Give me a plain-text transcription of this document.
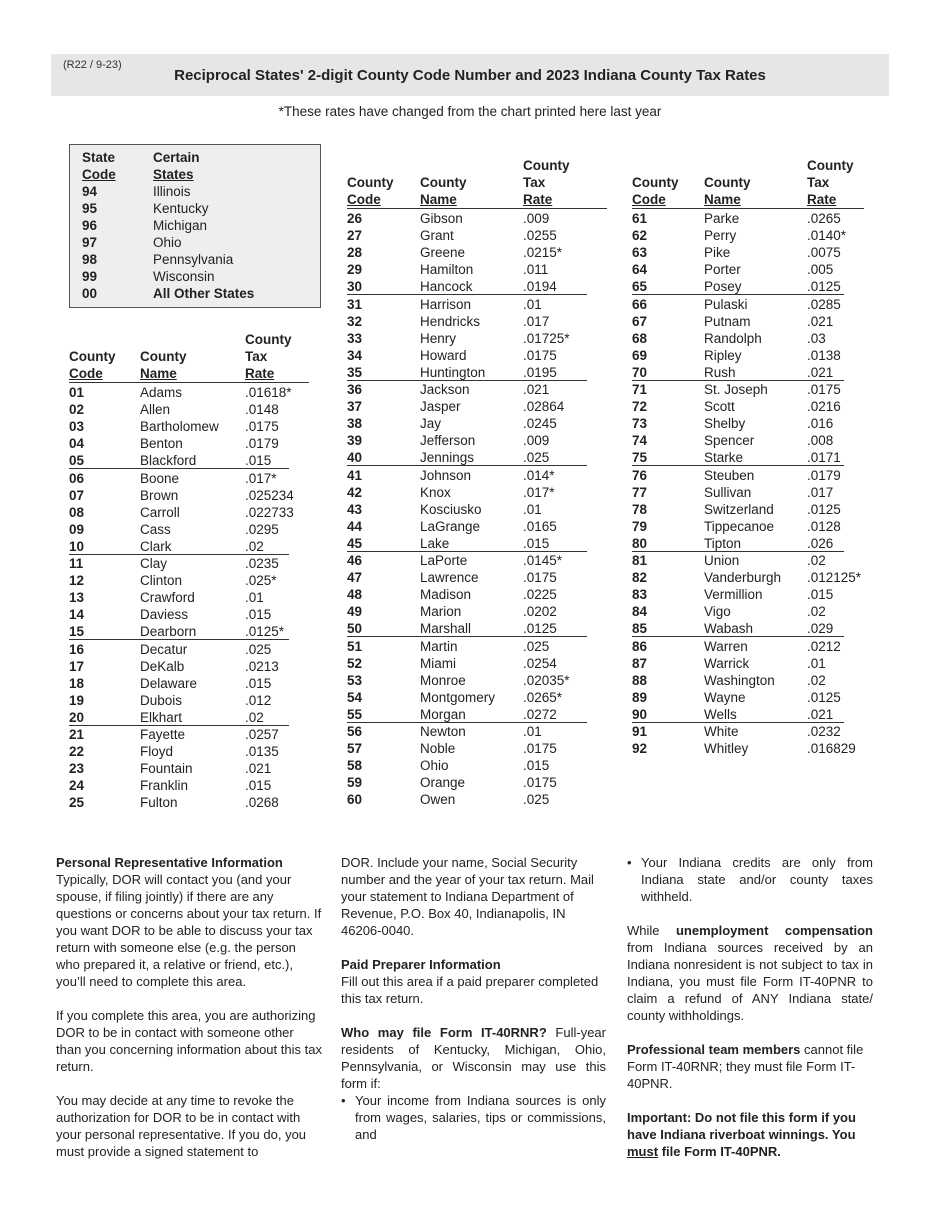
(R22 / 9-23)
Reciprocal States' 2-digit County Code Number and 2023 Indiana County Tax Rates
*These rates have changed from the chart printed here last year
State
Code
Certain
States
94	Illinois
95	Kentucky
96	Michigan
97	Ohio
98	Pennsylvania
99	Wisconsin
00	All Other States
County
Code
County
Name
County
Tax
Rate
01	Adams	.01618*
02	Allen	.0148
03	Bartholomew .0175
04	Benton	.0179
05	Blackford	.015
06	Boone	.017*
07	Brown	.025234
08	Carroll	.022733
09	Cass	.0295
10	Clark	.02
11	Clay	.0235
12	Clinton	.025*
13	Crawford	.01
14	Daviess	.015
15	Dearborn	.0125*
16	Decatur	.025
17	DeKalb	.0213
18	Delaware	.015
19	Dubois	.012
20	Elkhart	.02
21	Fayette	.0257
22	Floyd	.0135
23	Fountain	.021
24	Franklin	.015
25	Fulton	.0268
County
Code
County
Name
County
Tax
Rate
26	Gibson	.009
27	Grant	.0255
28	Greene	.0215*
29	Hamilton	.011
30	Hancock	.0194
31	Harrison	.01
32	Hendricks	.017
33	Henry	.01725*
34	Howard	.0175
35	Huntington	.0195
36	Jackson	.021
37	Jasper	.02864
38	Jay	.0245
39	Jefferson	.009
40	Jennings	.025
41	Johnson	.014*
42	Knox	.017*
43	Kosciusko	.01
44	LaGrange	.0165
45	Lake	.015
46	LaPorte	.0145*
47	Lawrence	.0175
48	Madison	.0225
49	Marion	.0202
50	Marshall	.0125
51	Martin	.025
52	Miami	.0254
53	Monroe	.02035*
54	Montgomery .0265*
55	Morgan	.0272
56	Newton	.01
57	Noble	.0175
58	Ohio	.015
59	Orange	.0175
60	Owen	.025
County
Code
County
Name
County
Tax
Rate
61	Parke	.0265
62	Perry	.0140*
63	Pike	.0075
64	Porter	.005
65	Posey	.0125
66	Pulaski	.0285
67	Putnam	.021
68	Randolph	.03
69	Ripley	.0138
70	Rush	.021
71	St. Joseph	.0175
72	Scott	.0216
73	Shelby	.016
74	Spencer	.008
75	Starke	.0171
76	Steuben	.0179
77	Sullivan	.017
78	Switzerland .0125
79	Tippecanoe .0128
80	Tipton	.026
81	Union	.02
82	Vanderburgh .012125*
83	Vermillion	.015
84	Vigo	.02
85	Wabash	.029
86	Warren	.0212
87	Warrick	.01
88	Washington .02
89	Wayne	.0125
90	Wells	.021
91	White	.0232
92	Whitley	.016829
Personal Representative Information

Typically, DOR will contact you (and your spouse, if filing jointly) if there are any questions or concerns about your tax return. If you want DOR to be able to discuss your tax return with someone else (e.g. the person who prepared it, a relative or friend, etc.), you’ll need to complete this area.

If you complete this area, you are authorizing DOR to be in contact with someone other than you concerning information about this tax return.

You may decide at any time to revoke the authorization for DOR to be in contact with your personal representative. If you do, you must provide a signed statement to

DOR. Include your name, Social Security number and the year of your tax return. Mail your statement to Indiana Department of Revenue, P.O. Box 40, Indianapolis, IN 46206-0040.

Paid Preparer Information

Fill out this area if a paid preparer completed this tax return.

Who may file Form IT-40RNR? Full-year residents of Kentucky, Michigan, Ohio, Pennsylvania, or Wisconsin may use this form if:
• Your income from Indiana sources is only from wages, salaries, tips or commissions, and

• Your Indiana credits are only from Indiana state and/or county taxes withheld.

While unemployment compensation from Indiana sources received by an Indiana nonresident is not subject to tax in Indiana, you must file Form IT-40PNR to claim a refund of ANY Indiana state/ county withholdings.

Professional team members cannot file Form IT-40RNR; they must file Form IT-40PNR.

Important: Do not file this form if you have Indiana riverboat winnings. You must file Form IT-40PNR.
